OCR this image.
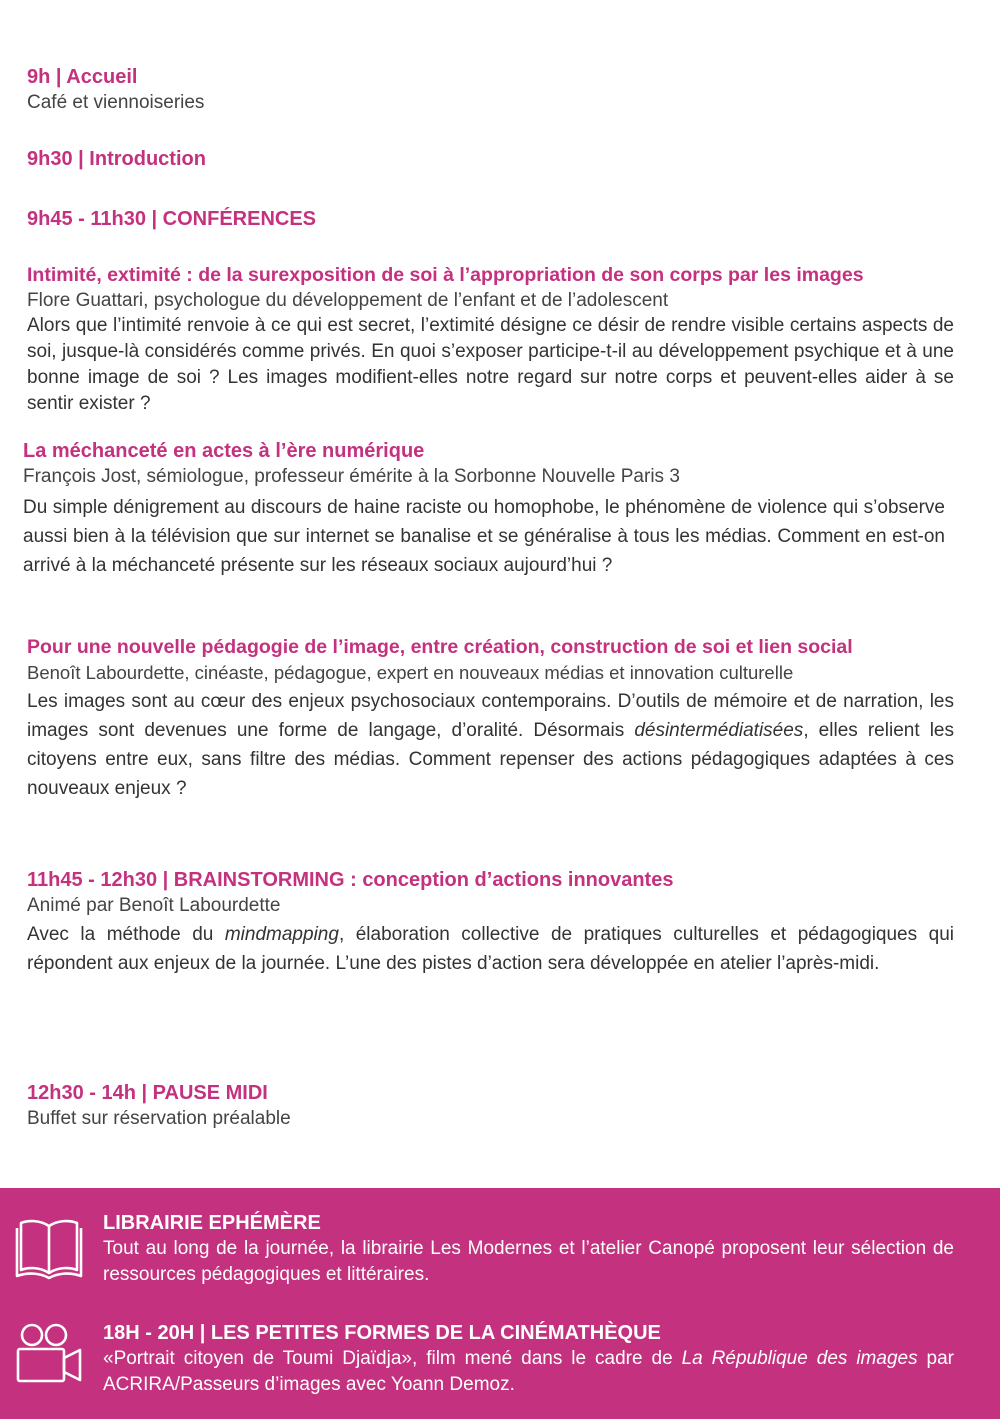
9h | Accueil

Café et viennoiseries

9h30 | Introduction

9h45 - 11h30 | CONFÉRENCES

Intimité, extimité : de la surexposition de soi à l’appropriation de son corps par les images

Flore Guattari, psychologue du développement de l’enfant et de l’adolescent

Alors que l’intimité renvoie à ce qui est secret, l’extimité désigne ce désir de rendre visible certains aspects de soi, jusque-là considérés comme privés. En quoi s’exposer participe-t-il au développement psychique et à une bonne image de soi ? Les images modifient-elles notre regard sur notre corps et peuvent-elles aider à se sentir exister ?

La méchanceté en actes à l’ère numérique

François Jost, sémiologue, professeur émérite à la Sorbonne Nouvelle Paris 3

Du simple dénigrement au discours de haine raciste ou homophobe, le phénomène de violence qui s’observe aussi bien à la télévision que sur internet se banalise et se généralise à tous les médias. Comment en est-on arrivé à la méchanceté présente sur les réseaux sociaux aujourd’hui ?

Pour une nouvelle pédagogie de l’image, entre création, construction de soi et lien social

Benoît Labourdette, cinéaste, pédagogue, expert en nouveaux médias et innovation culturelle

Les images sont au cœur des enjeux psychosociaux contemporains. D’outils de mémoire et de narration, les images sont devenues une forme de langage, d’oralité. Désormais désintermédiatisées, elles relient les citoyens entre eux, sans filtre des médias. Comment repenser des actions pédagogiques adaptées à ces nouveaux enjeux ?

11h45 - 12h30 | BRAINSTORMING : conception d’actions innovantes

Animé par Benoît Labourdette

Avec la méthode du mindmapping, élaboration collective de pratiques culturelles et pédagogiques qui répondent aux enjeux de la journée. L’une des pistes d’action sera développée en atelier l’après-midi.

12h30 - 14h | PAUSE MIDI

Buffet sur réservation préalable

LIBRAIRIE EPHÉMÈRE

Tout au long de la journée, la librairie Les Modernes et l’atelier Canopé proposent leur sélection de ressources pédagogiques et littéraires.

18H - 20H | LES PETITES FORMES DE LA CINÉMATHÈQUE

«Portrait citoyen de Toumi Djaïdja», film mené dans le cadre de La République des images par ACRIRA/Passeurs d’images avec Yoann Demoz.
